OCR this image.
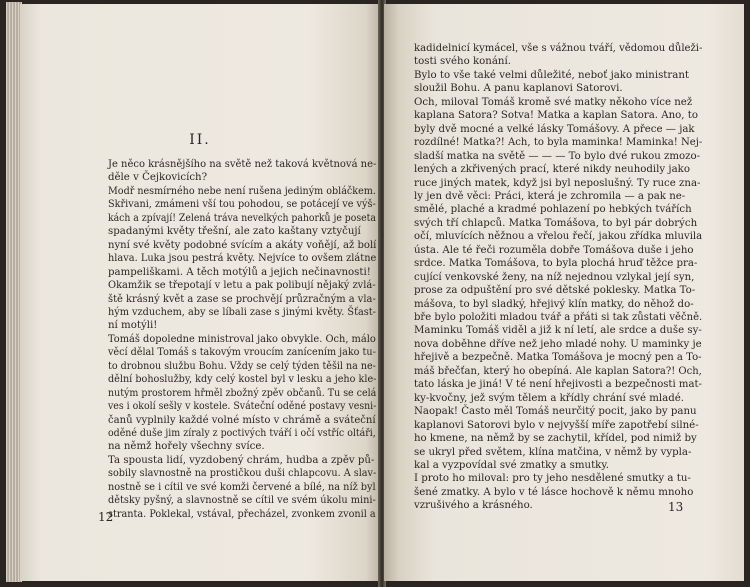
II.
Je něco krásnějšího na světě než taková květnová ne-
děle v Čejkovicích?
Modř nesmírného nebe není rušena jediným obláčkem.
Skřivani, zmámeni vší tou pohodou, se potácejí ve výš-
kách a zpívají! Zelená tráva nevelkých pahorků je poseta
spadanými květy třešní, ale zato kaštany vztyčují
nyní své květy podobné svícím a akáty voňějí, až bolí
hlava. Luka jsou pestrá květy. Nejvíce to ovšem zlátne
pampeliškami. A těch motýlů a jejich nečinavnosti!
Okamžik se třepotají v letu a pak polibují nějaký zvlá-
ště krásný květ a zase se prochvějí průzračným a vla-
hým vzduchem, aby se líbali zase s jinými květy. Šťast-
ní motýli!
Tomáš dopoledne ministroval jako obvykle. Och, málo
věcí dělal Tomáš s takovým vroucím zanícením jako tu-
to drobnou službu Bohu. Vždy se celý týden těšil na ne-
dělní bohoslužby, kdy celý kostel byl v lesku a jeho kle-
nutým prostorem hřměl zbožný zpěv občanů. Tu se celá
ves i okolí sešly v kostele. Sváteční oděné postavy vesni-
čanů vyplnily každé volné místo v chrámě a sváteční
oděné duše jim zíraly z poctivých tváří i očí vstříc oltáři,
na němž hořely všechny svíce.
Ta spousta lidí, vyzdobený chrám, hudba a zpěv pů-
sobily slavnostně na prostičkou duši chlapcovu. A slav-
nostně se i cítil ve své komži červené a bílé, na níž byl
dětsky pyšný, a slavnostně se cítil ve svém úkolu mini-
stranta. Poklekal, vstával, přecházel, zvonkem zvonil a
12
kadidelnicí kymácel, vše s vážnou tváří, vědomou důleži-
tosti svého konání.
Bylo to vše také velmi důležité, neboť jako ministrant
sloužil Bohu. A panu kaplanovi Satorovi.
Och, miloval Tomáš kromě své matky někoho více než
kaplana Satora? Sotva! Matka a kaplan Satora. Ano, to
byly dvě mocné a velké lásky Tomášovy. A přece — jak
rozdílné! Matka?! Ach, to byla maminka! Maminka! Nej-
sladší matka na světě — — — To bylo dvé rukou zmozo-
lených a zkřivených prací, které nikdy neuhodily jako
ruce jiných matek, když jsi byl neposlušný. Ty ruce zna-
ly jen dvě věci: Práci, která je zchromila — a pak ne-
smělé, plaché a kradmé pohlazení po hebkých tvářích
svých tří chlapců. Matka Tomášova, to byl pár dobrých
očí, mluvících něžnou a vřelou řečí, jakou zřídka mluvila
ústa. Ale té řeči rozuměla dobře Tomášova duše i jeho
srdce. Matka Tomášova, to byla plochá hruď těžce pra-
cující venkovské ženy, na níž nejednou vzlykal její syn,
prose za odpuštění pro své dětské poklesky. Matka To-
mášova, to byl sladký, hřejivý klín matky, do něhož do-
bře bylo položiti mladou tvář a přáti si tak zůstati věčně.
Maminku Tomáš viděl a již k ní letí, ale srdce a duše sy-
nova doběhne dříve než jeho mladé nohy. U maminky je
hřejivě a bezpečně. Matka Tomášova je mocný pen a To-
máš břečťan, který ho obepíná. Ale kaplan Satora?! Och,
tato láska je jiná! V té není hřejivosti a bezpečnosti mat-
ky-kvočny, jež svým tělem a křídly chrání své mladé.
Naopak! Často měl Tomáš neurčitý pocit, jako by panu
kaplanovi Satorovi bylo v nejvyšší míře zapotřebí silné-
ho kmene, na němž by se zachytil, křídel, pod nimiž by
se ukryl před světem, klína matčina, v němž by vypla-
kal a vyzpovídal své zmatky a smutky.
I proto ho miloval: pro ty jeho nesdělené smutky a tu-
šené zmatky. A bylo v té lásce hochově k němu mnoho
vzrušivého a krásného.	13
